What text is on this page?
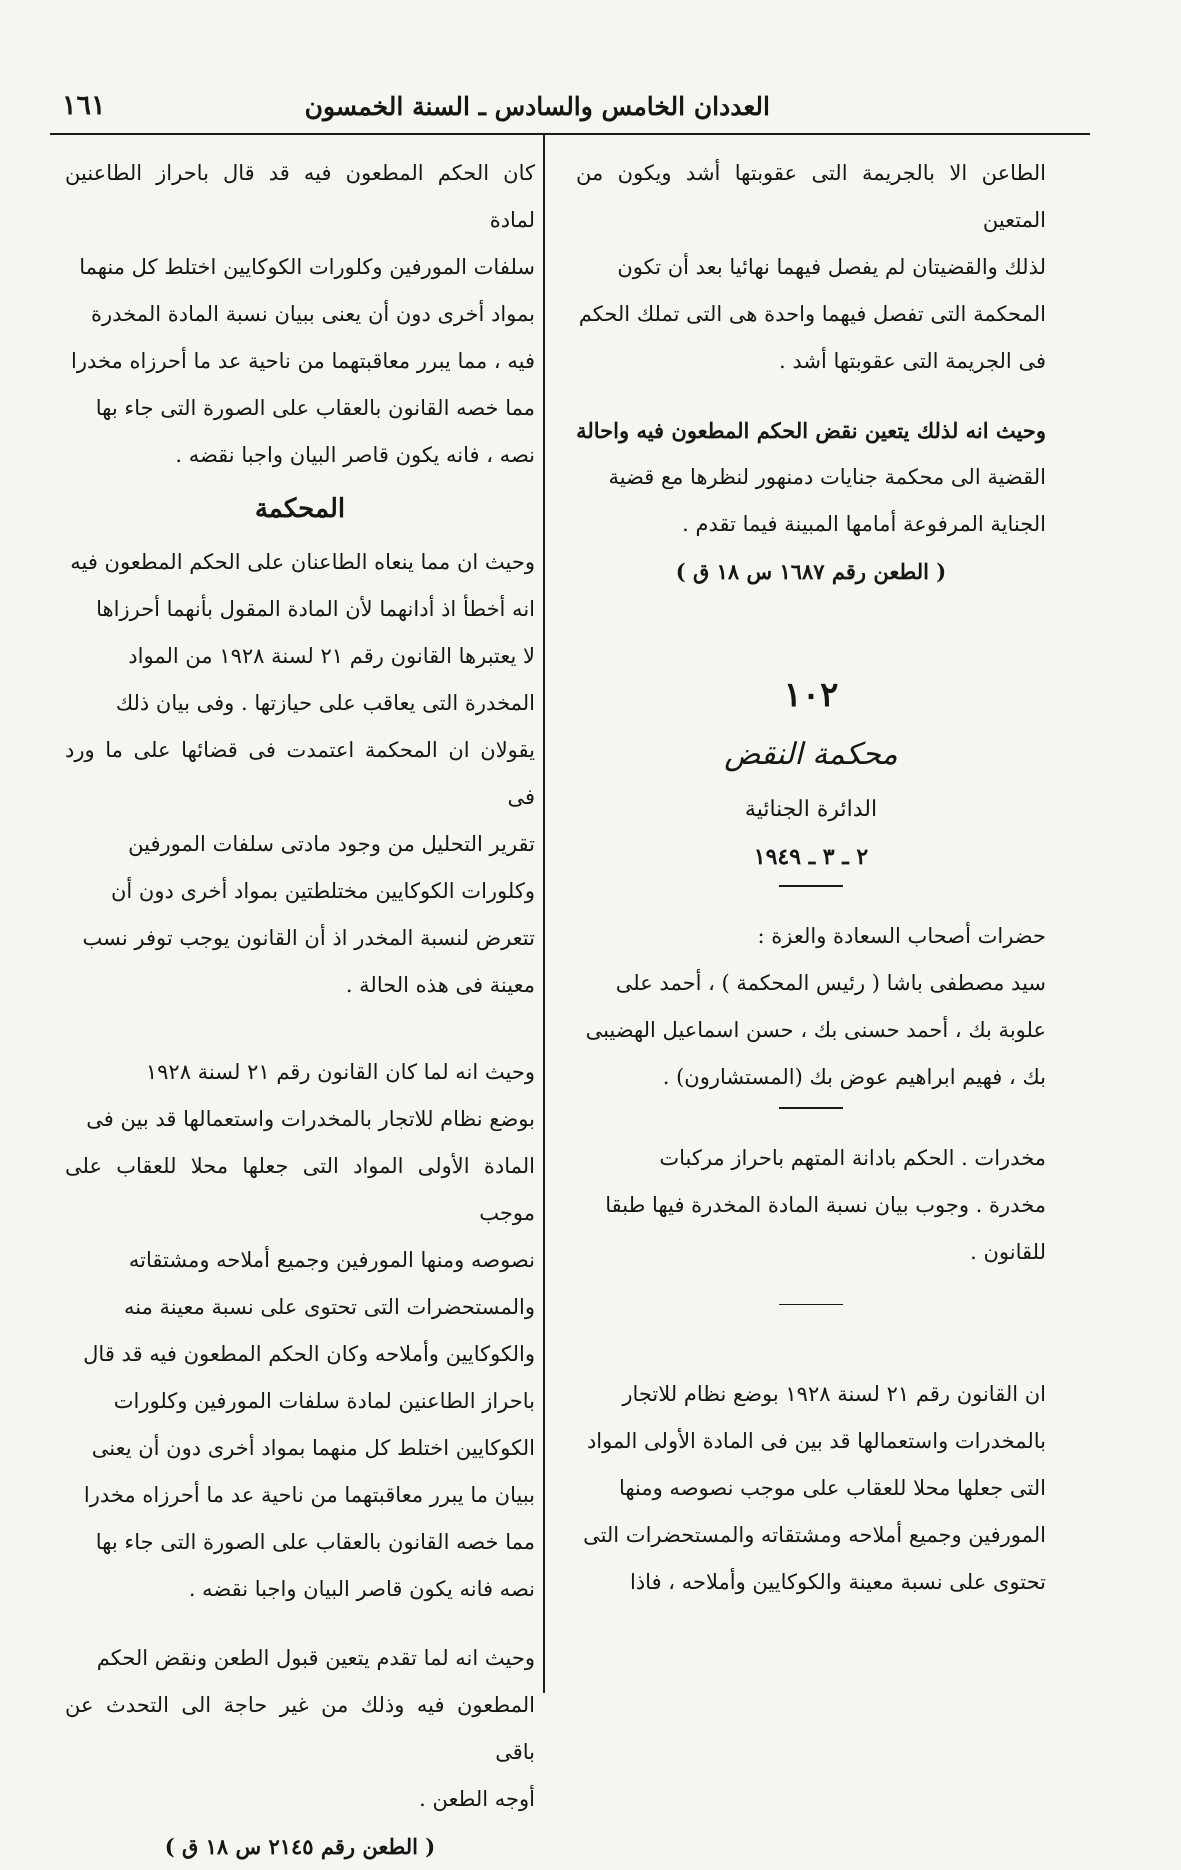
العددان الخامس والسادس ـ السنة الخمسون
١٦١

الطاعن الا بالجريمة التى عقوبتها أشد ويكون من المتعين

لذلك والقضيتان لم يفصل فيهما نهائيا بعد أن تكون

المحكمة التى تفصل فيهما واحدة هى التى تملك الحكم

فى الجريمة التى عقوبتها أشد .

وحيث انه لذلك يتعين نقض الحكم المطعون فيه واحالة

القضية الى محكمة جنايات دمنهور لنظرها مع قضية

الجناية المرفوعة أمامها المبينة فيما تقدم .

( الطعن رقم ١٦٨٧ س ١٨ ق )
١٠٢
محكمة النقض
الدائرة الجنائية
٢ ـ ٣ ـ ١٩٤٩

حضرات أصحاب السعادة والعزة :

سيد مصطفى باشا ( رئيس المحكمة ) ، أحمد على

علوبة بك ، أحمد حسنى بك ، حسن اسماعيل الهضيبى

بك ، فهيم ابراهيم عوض بك (المستشارون) .

مخدرات . الحكم بادانة المتهم باحراز مركبات

مخدرة . وجوب بيان نسبة المادة المخدرة فيها طبقا

للقانون .

ان القانون رقم ٢١ لسنة ١٩٢٨ بوضع نظام للاتجار

بالمخدرات واستعمالها قد بين فى المادة الأولى المواد

التى جعلها محلا للعقاب على موجب نصوصه ومنها

المورفين وجميع أملاحه ومشتقاته والمستحضرات التى

تحتوى على نسبة معينة والكوكايين وأملاحه ، فاذا

كان الحكم المطعون فيه قد قال باحراز الطاعنين لمادة

سلفات المورفين وكلورات الكوكايين اختلط كل منهما

بمواد أخرى دون أن يعنى ببيان نسبة المادة المخدرة

فيه ، مما يبرر معاقبتهما من ناحية عد ما أحرزاه مخدرا

مما خصه القانون بالعقاب على الصورة التى جاء بها

نصه ، فانه يكون قاصر البيان واجبا نقضه .

المحكمة

وحيث ان مما ينعاه الطاعنان على الحكم المطعون فيه

انه أخطأ اذ أدانهما لأن المادة المقول بأنهما أحرزاها

لا يعتبرها القانون رقم ٢١ لسنة ١٩٢٨ من المواد

المخدرة التى يعاقب على حيازتها . وفى بيان ذلك

يقولان ان المحكمة اعتمدت فى قضائها على ما ورد فى

تقرير التحليل من وجود مادتى سلفات المورفين

وكلورات الكوكايين مختلطتين بمواد أخرى دون أن

تتعرض لنسبة المخدر اذ أن القانون يوجب توفر نسب

معينة فى هذه الحالة .

وحيث انه لما كان القانون رقم ٢١ لسنة ١٩٢٨

بوضع نظام للاتجار بالمخدرات واستعمالها قد بين فى

المادة الأولى المواد التى جعلها محلا للعقاب على موجب

نصوصه ومنها المورفين وجميع أملاحه ومشتقاته

والمستحضرات التى تحتوى على نسبة معينة منه

والكوكايين وأملاحه وكان الحكم المطعون فيه قد قال

باحراز الطاعنين لمادة سلفات المورفين وكلورات

الكوكايين اختلط كل منهما بمواد أخرى دون أن يعنى

ببيان ما يبرر معاقبتهما من ناحية عد ما أحرزاه مخدرا

مما خصه القانون بالعقاب على الصورة التى جاء بها

نصه فانه يكون قاصر البيان واجبا نقضه .

وحيث انه لما تقدم يتعين قبول الطعن ونقض الحكم

المطعون فيه وذلك من غير حاجة الى التحدث عن باقى

أوجه الطعن .

( الطعن رقم ٢١٤٥ س ١٨ ق )
